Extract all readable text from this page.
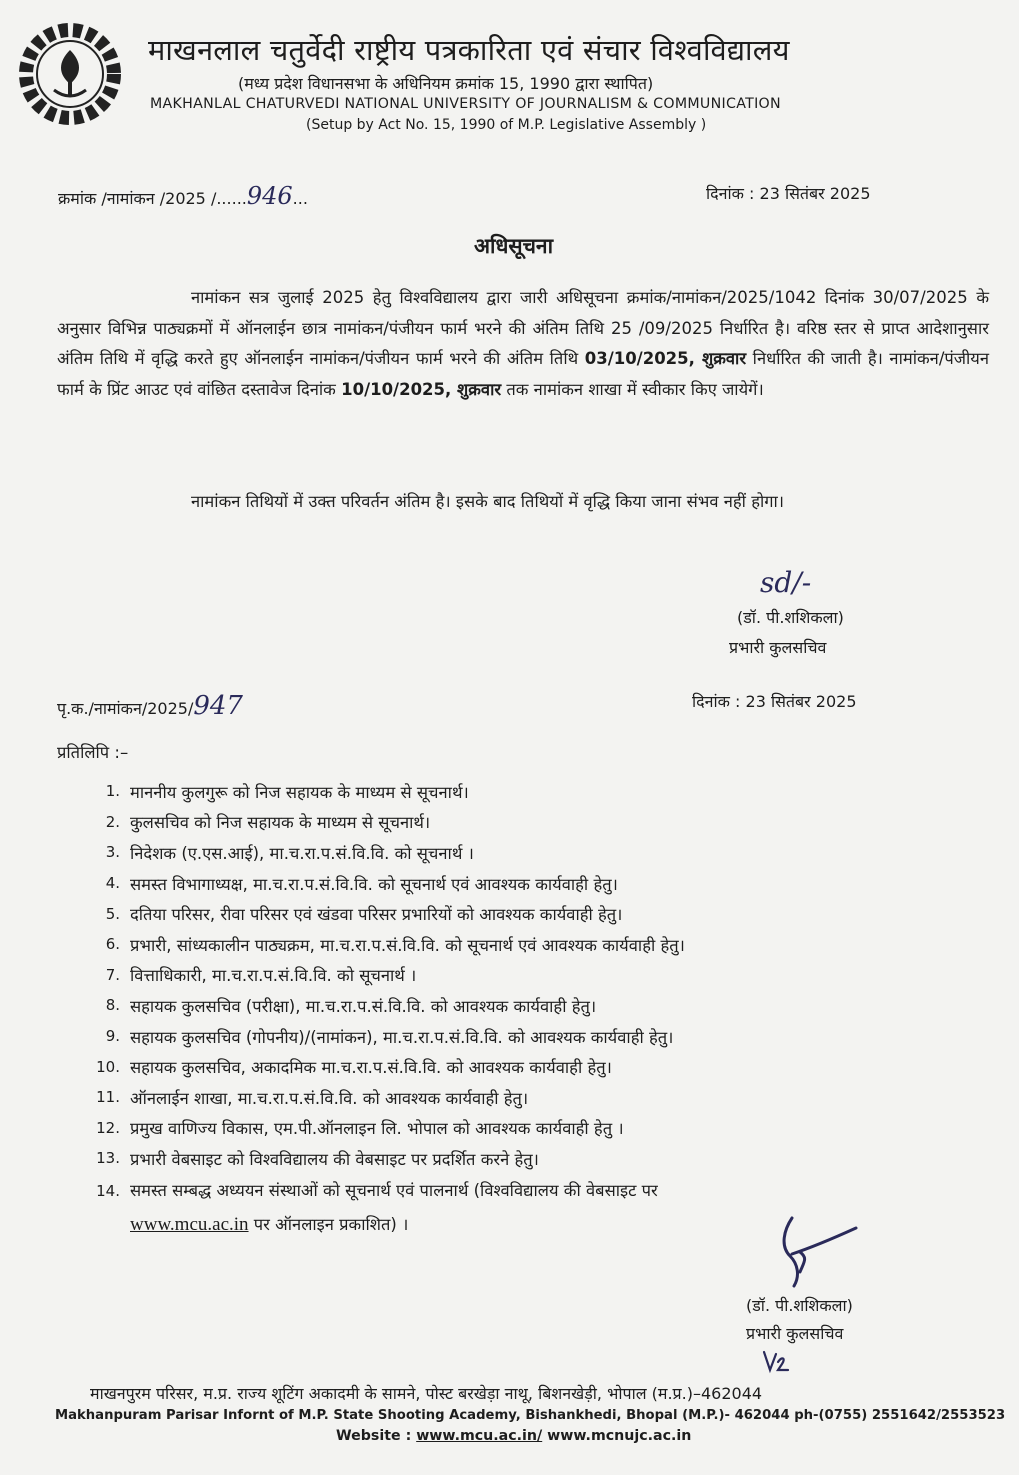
माखनलाल चतुर्वेदी राष्ट्रीय पत्रकारिता एवं संचार विश्वविद्यालय
(मध्य प्रदेश विधानसभा के अधिनियम क्रमांक 15, 1990 द्वारा स्थापित)
MAKHANLAL CHATURVEDI NATIONAL UNIVERSITY OF JOURNALISM & COMMUNICATION
(Setup by Act No. 15, 1990 of M.P. Legislative Assembly )
क्रमांक /नामांकन /2025 /......946...	दिनांक : 23 सितंबर 2025
अधिसूचना
नामांकन सत्र जुलाई 2025 हेतु विश्वविद्यालय द्वारा जारी अधिसूचना क्रमांक/नामांकन/2025/1042 दिनांक 30/07/2025 के अनुसार विभिन्न पाठ्यक्रमों में ऑनलाईन छात्र नामांकन/पंजीयन फार्म भरने की अंतिम तिथि 25 /09/2025 निर्धारित है। वरिष्ठ स्तर से प्राप्त आदेशानुसार अंतिम तिथि में वृद्धि करते हुए ऑनलाईन नामांकन/पंजीयन फार्म भरने की अंतिम तिथि 03/10/2025, शुक्रवार निर्धारित की जाती है। नामांकन/पंजीयन फार्म के प्रिंट आउट एवं वांछित दस्तावेज दिनांक 10/10/2025, शुक्रवार तक नामांकन शाखा में स्वीकार किए जायेगें।
नामांकन तिथियों में उक्त परिवर्तन अंतिम है। इसके बाद तिथियों में वृद्धि किया जाना संभव नहीं होगा।
sd/-
(डॉ. पी.शशिकला)
प्रभारी कुलसचिव
पृ.क./नामांकन/2025/947	दिनांक : 23 सितंबर 2025
प्रतिलिपि :–
1. माननीय कुलगुरू को निज सहायक के माध्यम से सूचनार्थ।
2. कुलसचिव को निज सहायक के माध्यम से सूचनार्थ।
3. निदेशक (ए.एस.आई), मा.च.रा.प.सं.वि.वि. को सूचनार्थ ।
4. समस्त विभागाध्यक्ष, मा.च.रा.प.सं.वि.वि. को सूचनार्थ एवं आवश्यक कार्यवाही हेतु।
5. दतिया परिसर, रीवा परिसर एवं खंडवा परिसर प्रभारियों को आवश्यक कार्यवाही हेतु।
6. प्रभारी, सांध्यकालीन पाठ्यक्रम, मा.च.रा.प.सं.वि.वि. को सूचनार्थ एवं आवश्यक कार्यवाही हेतु।
7. वित्ताधिकारी, मा.च.रा.प.सं.वि.वि. को सूचनार्थ ।
8. सहायक कुलसचिव (परीक्षा), मा.च.रा.प.सं.वि.वि. को आवश्यक कार्यवाही हेतु।
9. सहायक कुलसचिव (गोपनीय)/(नामांकन), मा.च.रा.प.सं.वि.वि. को आवश्यक कार्यवाही हेतु।
10. सहायक कुलसचिव, अकादमिक मा.च.रा.प.सं.वि.वि. को आवश्यक कार्यवाही हेतु।
11. ऑनलाईन शाखा, मा.च.रा.प.सं.वि.वि. को आवश्यक कार्यवाही हेतु।
12. प्रमुख वाणिज्य विकास, एम.पी.ऑनलाइन लि. भोपाल को आवश्यक कार्यवाही हेतु ।
13. प्रभारी वेबसाइट को विश्वविद्यालय की वेबसाइट पर प्रदर्शित करने हेतु।
14. समस्त सम्बद्ध अध्ययन संस्थाओं को सूचनार्थ एवं पालनार्थ (विश्वविद्यालय की वेबसाइट पर
www.mcu.ac.in पर ऑनलाइन प्रकाशित) ।
(डॉ. पी.शशिकला)
प्रभारी कुलसचिव
माखनपुरम परिसर, म.प्र. राज्य शूटिंग अकादमी के सामने, पोस्ट बरखेड़ा नाथू, बिशनखेड़ी, भोपाल (म.प्र.)–462044
Makhanpuram Parisar Infornt of M.P. State Shooting Academy, Bishankhedi, Bhopal (M.P.)- 462044 ph-(0755) 2551642/2553523
Website : www.mcu.ac.in/ www.mcnujc.ac.in
